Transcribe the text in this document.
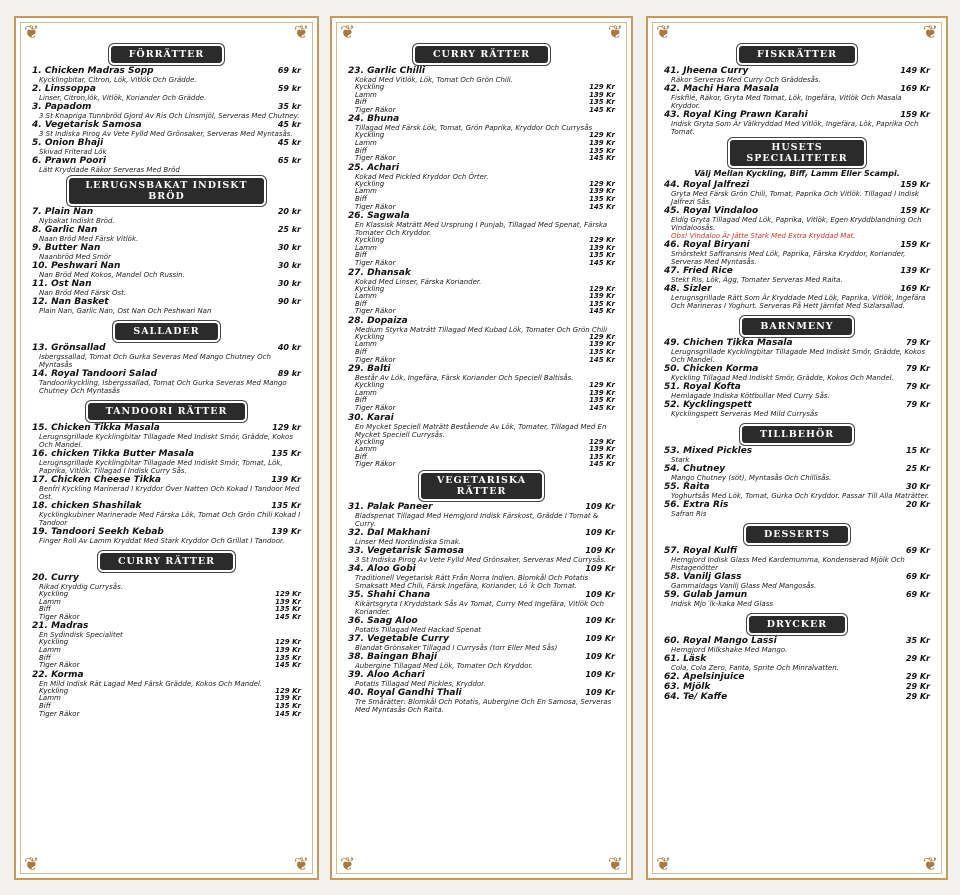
❦	❦
❦	❦
FÖRRÄTTER
1. Chicken Madras Sopp	69 kr
Kycklingbitar, Citron, Lök, Vitlök Och Grädde.
2. Linssoppa	59 kr
Linser, Citron,lök, Vitlök, Koriander Och Grädde.
3. Papadom	35 kr
3 St Knapriga Tunnbröd Gjord Av Ris Och Linsmjöl, Serveras Med Chutney.
4. Vegetarisk Samosa	45 kr
3 St Indiska Pirog Av Vete Fylld Med Grönsaker, Serveras Med Myntasås.
5. Onion Bhaji	45 kr
Skivad Friterad Lök
6. Prawn Poori	65 kr
Lätt Kryddade Räkor Serveras Med Bröd
LERUGNSBAKAT INDISKT
BRÖD
7. Plain Nan	20 kr
Nybakat Indiskt Bröd.
8. Garlic Nan	25 kr
Naan Bröd Med Färsk Vitlök.
9. Butter Nan	30 kr
Naanbröd Med Smör
10. Peshwari Nan	30 kr
Nan Bröd Med Kokos, Mandel Och Russin.
11. Ost Nan	30 kr
Nan Bröd Med Färsk Ost.
12. Nan Basket	90 kr
Plain Nan, Garlic Nan, Ost Nan Och Peshwari Nan
SALLADER
13. Grönsallad	40 kr
Isbergssallad, Tomat Och Gurka Severas Med Mango Chutney Och Myntasås
14. Royal Tandoori Salad	89 kr
Tandoorikyckling, Isbergssallad, Tomat Och Gurka Severas Med Mango Chutney Och Myntasås
TANDOORI RÄTTER
15. Chicken Tikka Masala	129 kr
Lerugnsgrillade Kycklingbitar Tillagade Med Indiskt Smör, Grädde, Kokos Och Mandel.
16. chicken Tikka Butter Masala	135 Kr
Lerugnsgrillade Kycklingbitar Tillagade Med Indiskt Smör, Tomat, Lök, Paprika, Vitlök. Tillagad I Indisk Curry Sås.
17. Chicken Cheese Tikka	139 Kr
Benfri Kyckling Marinerad I Kryddor Över Natten Och Kokad I Tandoor Med Ost.
18. chicken Shashilak	135 Kr
Kycklingkubiner Marinerade Med Färska Lök, Tomat Och Grön Chili Kokad I Tandoor
19. Tandoori Seekh Kebab	139 Kr
Finger Roll Av Lamm Kryddat Med Stark Kryddor Och Grillat I Tandoor.
CURRY RÄTTER
20. Curry
Rikad Kryddig Currysås.
Kyckling	129 Kr
Lamm	139 Kr
Biff	135 Kr
Tiger Räkor	145 Kr
21. Madras
En Sydindisk Specialitet
Kyckling	129 Kr
Lamm	139 Kr
Biff	135 Kr
Tiger Räkor	145 Kr
22. Korma
En Mild Indisk Rät Lagad Med Färsk Grädde, Kokos Och Mandel.
Kyckling	129 Kr
Lamm	139 Kr
Biff	135 Kr
Tiger Räkor	145 Kr
❦	❦
❦	❦
CURRY RÄTTER
23. Garlic Chilli
Kokad Med Vitlök, Lök, Tomat Och Grön Chili.
Kyckling	129 Kr
Lamm	139 Kr
Biff	135 Kr
Tiger Räkor	145 Kr
24. Bhuna
Tillagad Med Färsk Lök, Tomat, Grön Paprika, Kryddor Och Currysås
Kyckling	129 Kr
Lamm	139 Kr
Biff	135 Kr
Tiger Räkor	145 Kr
25. Achari
Kokad Med Pickled Kryddor Och Örter.
Kyckling	129 Kr
Lamm	139 Kr
Biff	135 Kr
Tiger Räkor	145 Kr
26. Sagwala
En Klassisk Maträtt Med Ursprung I Punjab, Tillagad Med Spenat, Färska Tomater Och Kryddor.
Kyckling	129 Kr
Lamm	139 Kr
Biff	135 Kr
Tiger Räkor	145 Kr
27. Dhansak
Kokad Med Linser, Färska Koriander.
Kyckling	129 Kr
Lamm	139 Kr
Biff	135 Kr
Tiger Räkor	145 Kr
28. Dopaiza
Medium Styrka Maträtt Tillagad Med Kubad Lök, Tomater Och Grön Chili
Kyckling	129 Kr
Lamm	139 Kr
Biff	135 Kr
Tiger Räkor	145 Kr
29. Balti
Består Av Lök, Ingefära, Färsk Koriander Och Speciell Baltisås.
Kyckling	129 Kr
Lamm	139 Kr
Biff	135 Kr
Tiger Räkor	145 Kr
30. Karai
En Mycket Speciell Maträtt Bestående Av Lök, Tomater, Tillagad Med En Mycket Speciell Currysås.
Kyckling	129 Kr
Lamm	139 Kr
Biff	135 Kr
Tiger Räkor	145 Kr
VEGETARISKA
RÄTTER
31. Palak Paneer	109 Kr
Bladspenat Tillagad Med Hemgjord Indisk Färskost, Grädde I Tomat & Curry.
32. Dal Makhani	109 Kr
Linser Med Nordindiska Smak.
33. Vegetarisk Samosa	109 Kr
3 St Indiska Pirog Av Vete Fylld Med Grönsaker, Serveras Med Currysås.
34. Aloo Gobi	109 Kr
Traditionell Vegetarisk Rätt Från Norra Indien. Blomkål Och Potatis Smaksatt Med Chili, Färsk Ingefära, Koriander, Lö´k Och Tomat.
35. Shahi Chana	109 Kr
Kikärtsgryta I Kryddstark Sås Av Tomat, Curry Med Ingefära, Vitlök Och Koriander.
36. Saag Aloo	109 Kr
Potatis Tillagad Med Hackad Spenat
37. Vegetable Curry	109 Kr
Blandat Grönsaker Tillagad I Currysås (torr Eller Med Sås)
38. Baingan Bhaji	109 Kr
Aubergine Tillagad Med Lök, Tomater Och Kryddor.
39. Aloo Achari	109 Kr
Potatis Tillagad Med Pickles, Kryddor.
40. Royal Gandhi Thali	109 Kr
Tre Smårätter: Blomkål Och Potatis, Aubergine Och En Samosa, Serveras Med Myntasås Och Raita.
❦	❦
❦	❦
FISKRÄTTER
41. Jheena Curry	149 Kr
Räkor Serveras Med Curry Och Gräddesås.
42. Machi Hara Masala	169 Kr
Fiskfilé, Räkor, Gryta Med Tomat, Lök, Ingefära, Vitlök Och Masala Kryddor.
43. Royal King Prawn Karahi	159 Kr
Indisk Gryta Som Är Välkryddad Med Vitlök, Ingefära, Lök, Paprika Och Tomat.
HUSETS
SPECIALITETER
Välj Mellan Kyckling, Biff, Lamm Eller Scampi.
44. Royal Jalfrezi	159 Kr
Gryta Med Färsk Grön Chili, Tomat, Paprika Och Vitlök. Tillagad I Indisk Jalfrezi Sås.
45. Royal Vindaloo	159 Kr
Eldig Gryta Tillagad Med Lök, Paprika, Vitlök, Egen Kryddblandning Och Vindaloosås.
Obs! Vindaloo Är Jätte Stark Med Extra Kryddad Mat.
46. Royal Biryani	159 Kr
Smörstekt Saffransris Med Lök, Paprika, Färska Kryddor, Koriander, Serveras Med Myntasås.
47. Fried Rice	139 Kr
Stekt Ris, Lök, Ägg, Tomater Serveras Med Raita.
48. Sizler	169 Kr
Lerugnsgrillade Rätt Som Är Kryddade Med Lök, Paprika, Vitlök, Ingefära Och Marineras I Yoghurt. Serveras På Hett Järnfat Med Sizlarsallad.
BARNMENY
49. Chichen Tikka Masala	79 Kr
Lerugnsgrillade Kycklingbitar Tillagade Med Indiskt Smör, Grädde, Kokos Och Mandel.
50. Chicken Korma	79 Kr
Kyckling Tillagad Med Indiskt Smör, Grädde, Kokos Och Mandel.
51. Royal Kofta	79 Kr
Hemlagade Indiska Köttbullar Med Curry Sås.
52. Kycklingspett	79 Kr
Kycklingspett Serveras Med Mild Currysås
TILLBEHÖR
53. Mixed Pickles	15 Kr
Stark
54. Chutney	25 Kr
Mango Chutney (söt), Myntasås Och Chillisås.
55. Raita	30 Kr
Yoghurtsås Med Lök, Tomat, Gurka Och Kryddor. Passar Till Alla Maträtter.
56. Extra Ris	20 Kr
Safran Ris
DESSERTS
57. Royal Kulfi	69 Kr
Hemgjord Indisk Glass Med Kardemumma, Kondenserad Mjölk Och Pistagenötter
58. Vanilj Glass	69 Kr
Gammaldags Vanilj Glass Med Mangosås.
59. Gulab Jamun	69 Kr
Indisk Mjo´lk-kaka Med Glass
DRYCKER
60. Royal Mango Lassi	35 Kr
Hemgjord Milkshake Med Mango.
61. Läsk	29 Kr
Cola, Cola Zero, Fanta, Sprite Och Minralvatten.
62. Apelsinjuice	29 Kr
63. Mjölk	29 Kr
64. Te/ Kaffe	29 Kr
